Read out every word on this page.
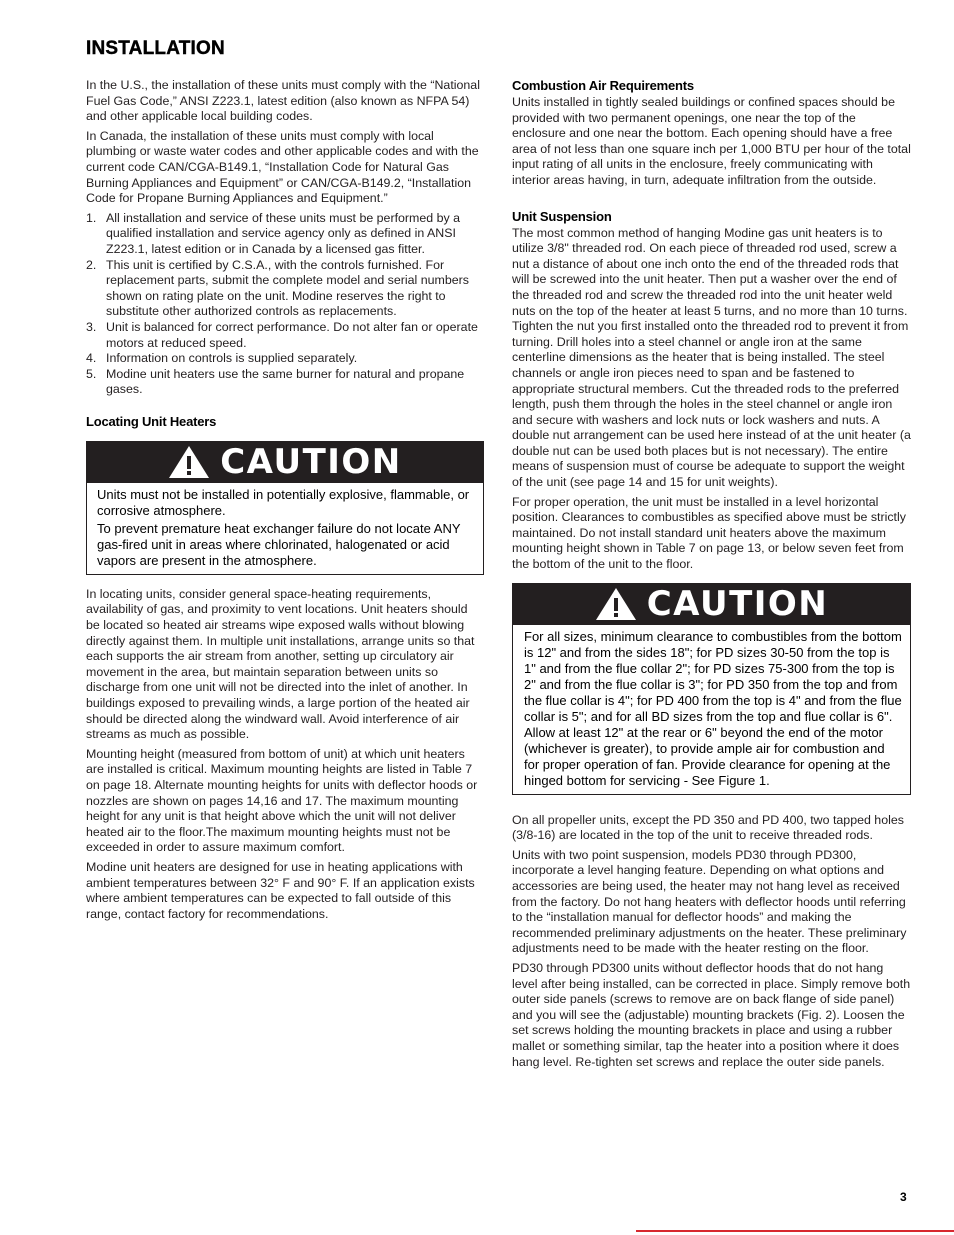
INSTALLATION

In the U.S., the installation of these units must comply with the “National Fuel Gas Code,” ANSI Z223.1, latest edition (also known as NFPA 54) and other applicable local building codes.

In Canada, the installation of these units must comply with local plumbing or waste water codes and other applicable codes and with the current code CAN/CGA-B149.1, “Installation Code for Natural Gas Burning Appliances and Equipment” or CAN/CGA-B149.2, “Installation Code for Propane Burning Appliances and Equipment.”

1. All installation and service of these units must be performed by a qualified installation and service agency only as defined in ANSI Z223.1, latest edition or in Canada by a licensed gas fitter.
2. This unit is certified by C.S.A., with the controls furnished. For replacement parts, submit the complete model and serial numbers shown on rating plate on the unit. Modine reserves the right to substitute other authorized controls as replacements.
3. Unit is balanced for correct performance. Do not alter fan or operate motors at reduced speed.
4. Information on controls is supplied separately.
5. Modine unit heaters use the same burner for natural and propane gases.
Locating Unit Heaters
CAUTION

Units must not be installed in potentially explosive, flammable, or corrosive atmosphere.

To prevent premature heat exchanger failure do not locate ANY gas-fired unit in areas where chlorinated, halogenated or acid vapors are present in the atmosphere.

In locating units, consider general space-heating requirements, availability of gas, and proximity to vent locations. Unit heaters should be located so heated air streams wipe exposed walls without blowing directly against them. In multiple unit installations, arrange units so that each supports the air stream from another, setting up circulatory air movement in the area, but maintain separation between units so discharge from one unit will not be directed into the inlet of another. In buildings exposed to prevailing winds, a large portion of the heated air should be directed along the windward wall. Avoid interference of air streams as much as possible.

Mounting height (measured from bottom of unit) at which unit heaters are installed is critical. Maximum mounting heights are listed in Table 7 on page 18. Alternate mounting heights for units with deflector hoods or nozzles are shown on pages 14,16 and 17. The maximum mounting height for any unit is that height above which the unit will not deliver heated air to the floor.The maximum mounting heights must not be exceeded in order to assure maximum comfort.

Modine unit heaters are designed for use in heating applications with ambient temperatures between 32° F and 90° F. If an application exists where ambient temperatures can be expected to fall outside of this range, contact factory for recommendations.

Combustion Air Requirements

Units installed in tightly sealed buildings or confined spaces should be provided with two permanent openings, one near the top of the enclosure and one near the bottom. Each opening should have a free area of not less than one square inch per 1,000 BTU per hour of the total input rating of all units in the enclosure, freely communicating with interior areas having, in turn, adequate infiltration from the outside.

Unit Suspension

The most common method of hanging Modine gas unit heaters is to utilize 3/8" threaded rod. On each piece of threaded rod used, screw a nut a distance of about one inch onto the end of the threaded rods that will be screwed into the unit heater. Then put a washer over the end of the threaded rod and screw the threaded rod into the unit heater weld nuts on the top of the heater at least 5 turns, and no more than 10 turns. Tighten the nut you first installed onto the threaded rod to prevent it from turning. Drill holes into a steel channel or angle iron at the same centerline dimensions as the heater that is being installed. The steel channels or angle iron pieces need to span and be fastened to appropriate structural members. Cut the threaded rods to the preferred length, push them through the holes in the steel channel or angle iron and secure with washers and lock nuts or lock washers and nuts. A double nut arrangement can be used here instead of at the unit heater (a double nut can be used both places but is not necessary). The entire means of suspension must of course be adequate to support the weight of the unit (see page 14 and 15 for unit weights).

For proper operation, the unit must be installed in a level horizontal position. Clearances to combustibles as specified above must be strictly maintained. Do not install standard unit heaters above the maximum mounting height shown in Table 7 on page 13, or below seven feet from the bottom of the unit to the floor.

CAUTION

For all sizes, minimum clearance to combustibles from the bottom is 12" and from the sides 18"; for PD sizes 30-50 from the top is 1" and from the flue collar 2"; for PD sizes 75-300 from the top is 2" and from the flue collar is 3"; for PD 350 from the top and from the flue collar is 4"; for PD 400 from the top is 4" and from the flue collar is 5"; and for all BD sizes from the top and flue collar is 6".

Allow at least 12" at the rear or 6" beyond the end of the motor (whichever is greater), to provide ample air for combustion and for proper operation of fan. Provide clearance for opening at the hinged bottom for servicing - See Figure 1.

On all propeller units, except the PD 350 and PD 400, two tapped holes (3/8-16) are located in the top of the unit to receive threaded rods.

Units with two point suspension, models PD30 through PD300, incorporate a level hanging feature. Depending on what options and accessories are being used, the heater may not hang level as received from the factory. Do not hang heaters with deflector hoods until referring to the “installation manual for deflector hoods” and making the recommended preliminary adjustments on the heater. These preliminary adjustments need to be made with the heater resting on the floor.

PD30 through PD300 units without deflector hoods that do not hang level after being installed, can be corrected in place. Simply remove both outer side panels (screws to remove are on back flange of side panel) and you will see the (adjustable) mounting brackets (Fig. 2). Loosen the set screws holding the mounting brackets in place and using a rubber mallet or something similar, tap the heater into a position where it does hang level. Re-tighten set screws and replace the outer side panels.

3
